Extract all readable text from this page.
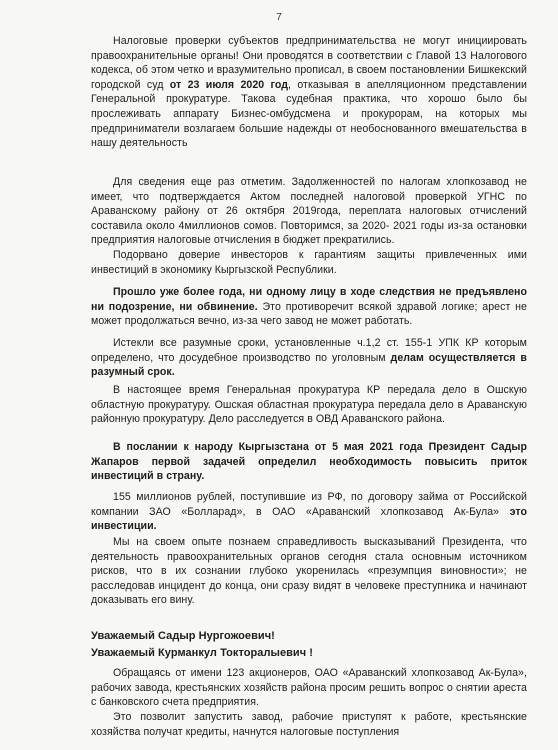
7

Налоговые проверки субъектов предпринимательства не могут инициировать правоохранительные органы! Они проводятся в соответствии с Главой 13 Налогового кодекса, об этом четко и вразумительно прописал, в своем постановлении Бишкекский городской суд от 23 июля 2020 год, отказывая в апелляционном представлении Генеральной прокуратуре. Такова судебная практика, что хорошо было бы прослеживать аппарату Бизнес-омбудсмена и прокурорам, на которых мы предприниматели возлагаем большие надежды от необоснованного вмешательства в нашу деятельность

Для сведения еще раз отметим. Задолженностей по налогам хлопкозавод не имеет, что подтверждается Актом последней налоговой проверкой УГНС по Араванскому району от 26 октября 2019года, переплата налоговых отчислений составила около 4миллионов сомов. Повторимся, за 2020- 2021 годы из-за остановки предприятия налоговые отчисления в бюджет прекратились.

Подорвано доверие инвесторов к гарантиям защиты привлеченных ими инвестиций в экономику Кыргызской Республики.

Прошло уже более года, ни одному лицу в ходе следствия не предъявлено ни подозрение, ни обвинение. Это противоречит всякой здравой логике; арест не может продолжаться вечно, из-за чего завод не может работать.

Истекли все разумные сроки, установленные ч.1,2 ст. 155-1 УПК КР которым определено, что досудебное производство по уголовным делам осуществляется в разумный срок.

В настоящее время Генеральная прокуратура КР передала дело в Ошскую областную прокуратуру. Ошская областная прокуратура передала дело в Араванскую районную прокуратуру. Дело расследуется в ОВД Араванского района.

В послании к народу Кыргызстана от 5 мая 2021 года Президент Садыр Жапаров первой задачей определил необходимость повысить приток инвестиций в страну.

155 миллионов рублей, поступившие из РФ, по договору займа от Российской компании ЗАО «Болларад», в ОАО «Араванский хлопкозавод Ак-Була» это инвестиции.

Мы на своем опыте познаем справедливость высказываний Президента, что деятельность правоохранительных органов сегодня стала основным источником рисков, что в их сознании глубоко укоренилась «презумпция виновности»; не расследовав инцидент до конца, они сразу видят в человеке преступника и начинают доказывать его вину.

Уважаемый Садыр Нургожоевич!

Уважаемый Курманкул Токторалыевич !

Обращаясь от имени 123 акционеров, ОАО «Араванский хлопкозавод Ак-Була», рабочих завода, крестьянских хозяйств района просим решить вопрос о снятии ареста с банковского счета предприятия.

Это позволит запустить завод, рабочие приступят к работе, крестьянские хозяйства получат кредиты, начнутся налоговые поступления
